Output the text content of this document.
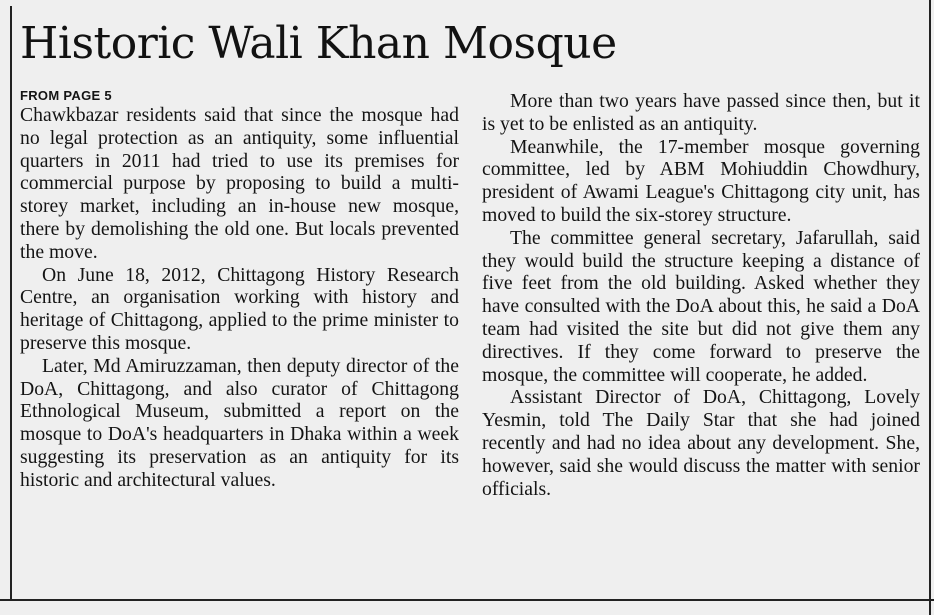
Historic Wali Khan Mosque
FROM PAGE 5

Chawkbazar residents said that since the mosque had no legal protection as an antiquity, some influential quarters in 2011 had tried to use its premises for commercial purpose by proposing to build a multi-storey market, including an in-house new mosque, there by demolishing the old one. But locals prevented the move.

On June 18, 2012, Chittagong History Research Centre, an organisation working with history and heritage of Chittagong, applied to the prime minister to preserve this mosque.

Later, Md Amiruzzaman, then deputy director of the DoA, Chittagong, and also curator of Chittagong Ethnological Museum, submitted a report on the mosque to DoA's headquarters in Dhaka within a week suggesting its preservation as an antiquity for its historic and architectural values.

More than two years have passed since then, but it is yet to be enlisted as an antiquity.

Meanwhile, the 17-member mosque governing committee, led by ABM Mohiuddin Chowdhury, president of Awami League's Chittagong city unit, has moved to build the six-storey structure.

The committee general secretary, Jafarullah, said they would build the structure keeping a distance of five feet from the old building. Asked whether they have consulted with the DoA about this, he said a DoA team had visited the site but did not give them any directives. If they come forward to preserve the mosque, the committee will cooperate, he added.

Assistant Director of DoA, Chittagong, Lovely Yesmin, told The Daily Star that she had joined recently and had no idea about any development. She, however, said she would discuss the matter with senior officials.
